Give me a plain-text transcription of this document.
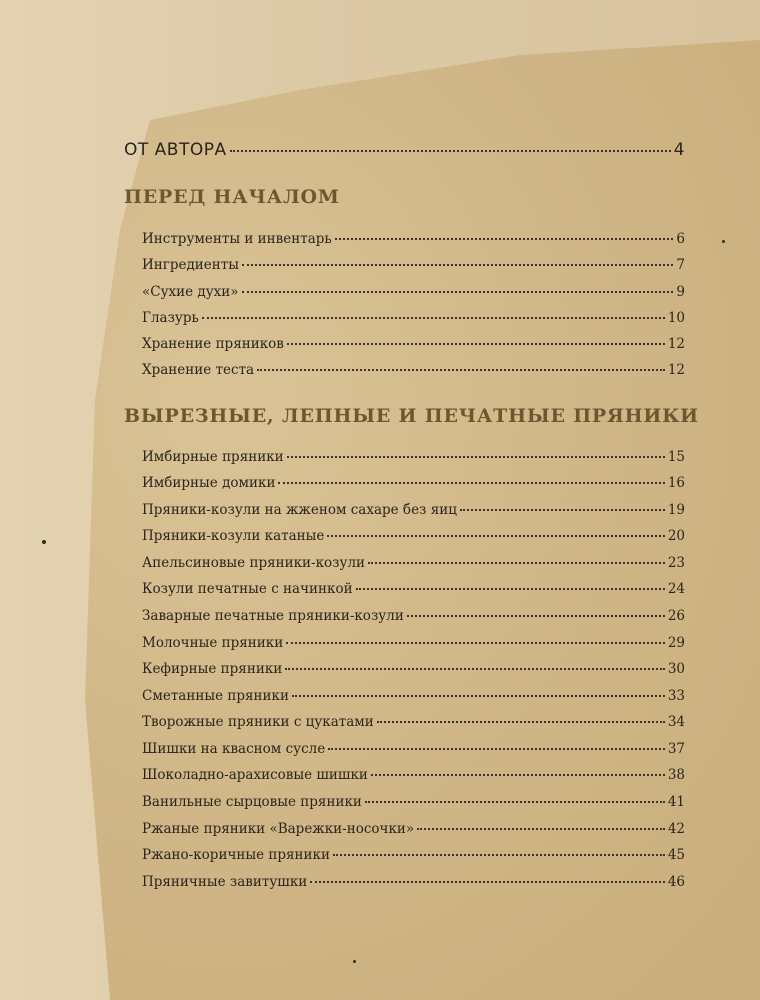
ОТ АВТОРА	4
ПЕРЕД НАЧАЛОМ
Инструменты и инвентарь	6
Ингредиенты	7
«Сухие духи»	9
Глазурь	10
Хранение пряников	12
Хранение теста	12
ВЫРЕЗНЫЕ, ЛЕПНЫЕ И ПЕЧАТНЫЕ ПРЯНИКИ
Имбирные пряники	15
Имбирные домики	16
Пряники-козули на жженом сахаре без яиц	19
Пряники-козули катаные	20
Апельсиновые пряники-козули	23
Козули печатные с начинкой	24
Заварные печатные пряники-козули	26
Молочные пряники	29
Кефирные пряники	30
Сметанные пряники	33
Творожные пряники с цукатами	34
Шишки на квасном сусле	37
Шоколадно-арахисовые шишки	38
Ванильные сырцовые пряники	41
Ржаные пряники «Варежки-носочки»	42
Ржано-коричные пряники	45
Пряничные завитушки	46
